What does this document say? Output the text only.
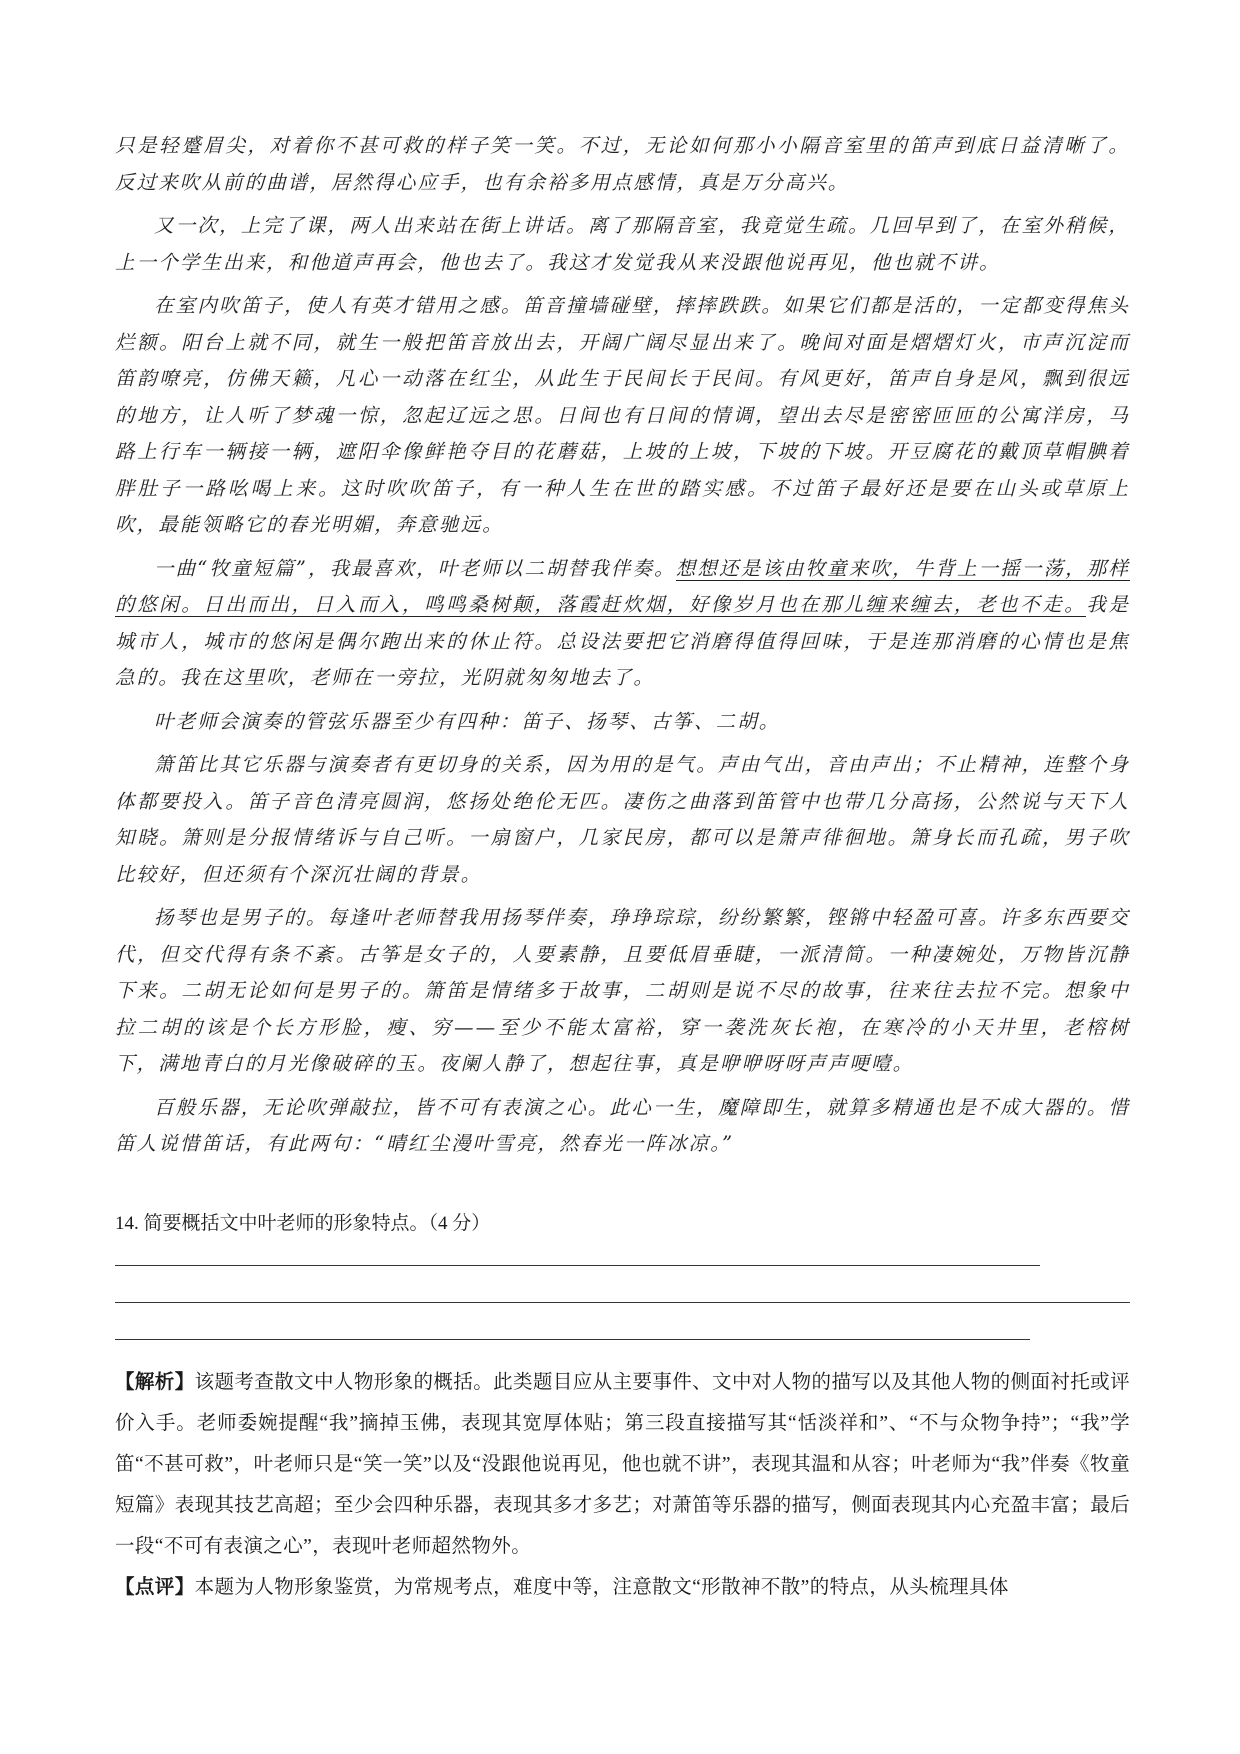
只是轻蹙眉尖，对着你不甚可救的样子笑一笑。不过，无论如何那小小隔音室里的笛声到底日益清晰了。反过来吹从前的曲谱，居然得心应手，也有余裕多用点感情，真是万分高兴。

又一次，上完了课，两人出来站在街上讲话。离了那隔音室，我竟觉生疏。几回早到了，在室外稍候，上一个学生出来，和他道声再会，他也去了。我这才发觉我从来没跟他说再见，他也就不讲。

在室内吹笛子，使人有英才错用之感。笛音撞墙碰壁，摔摔跌跌。如果它们都是活的，一定都变得焦头烂额。阳台上就不同，就生一般把笛音放出去，开阔广阔尽显出来了。晚间对面是熠熠灯火，市声沉淀而笛韵嘹亮，仿佛天籁，凡心一动落在红尘，从此生于民间长于民间。有风更好，笛声自身是风，飘到很远的地方，让人听了梦魂一惊，忽起辽远之思。日间也有日间的情调，望出去尽是密密匝匝的公寓洋房，马路上行车一辆接一辆，遮阳伞像鲜艳夺目的花蘑菇，上坡的上坡，下坡的下坡。开豆腐花的戴顶草帽腆着胖肚子一路吆喝上来。这时吹吹笛子，有一种人生在世的踏实感。不过笛子最好还是要在山头或草原上吹，最能领略它的春光明媚，奔意驰远。

一曲“牧童短篇”，我最喜欢，叶老师以二胡替我伴奏。想想还是该由牧童来吹，牛背上一摇一荡，那样的悠闲。日出而出，日入而入，鸣鸣桑树颠，落霞赶炊烟，好像岁月也在那儿缠来缠去，老也不走。我是城市人，城市的悠闲是偶尔跑出来的休止符。总设法要把它消磨得值得回味，于是连那消磨的心情也是焦急的。我在这里吹，老师在一旁拉，光阴就匆匆地去了。

叶老师会演奏的管弦乐器至少有四种：笛子、扬琴、古筝、二胡。

箫笛比其它乐器与演奏者有更切身的关系，因为用的是气。声由气出，音由声出；不止精神，连整个身体都要投入。笛子音色清亮圆润，悠扬处绝伦无匹。凄伤之曲落到笛管中也带几分高扬，公然说与天下人知晓。箫则是分报情绪诉与自己听。一扇窗户，几家民房，都可以是箫声徘徊地。箫身长而孔疏，男子吹比较好，但还须有个深沉壮阔的背景。

扬琴也是男子的。每逢叶老师替我用扬琴伴奏，琤琤琮琮，纷纷繁繁，铿锵中轻盈可喜。许多东西要交代，但交代得有条不紊。古筝是女子的，人要素静，且要低眉垂睫，一派清简。一种凄婉处，万物皆沉静下来。二胡无论如何是男子的。箫笛是情绪多于故事，二胡则是说不尽的故事，往来往去拉不完。想象中拉二胡的该是个长方形脸，瘦、穷——至少不能太富裕，穿一袭洗灰长袍，在寒冷的小天井里，老榕树下，满地青白的月光像破碎的玉。夜阑人静了，想起往事，真是咿咿呀呀声声哽噎。

百般乐器，无论吹弹敲拉，皆不可有表演之心。此心一生，魔障即生，就算多精通也是不成大器的。惜笛人说惜笛话，有此两句：“晴红尘漫叶雪亮，然春光一阵冰凉。”

14. 简要概括文中叶老师的形象特点。（4 分）

【解析】该题考查散文中人物形象的概括。此类题目应从主要事件、文中对人物的描写以及其他人物的侧面衬托或评价入手。老师委婉提醒“我”摘掉玉佛，表现其宽厚体贴；第三段直接描写其“恬淡祥和”、“不与众物争持”；“我”学笛“不甚可救”，叶老师只是“笑一笑”以及“没跟他说再见，他也就不讲”，表现其温和从容；叶老师为“我”伴奏《牧童短篇》表现其技艺高超；至少会四种乐器，表现其多才多艺；对萧笛等乐器的描写，侧面表现其内心充盈丰富；最后一段“不可有表演之心”，表现叶老师超然物外。

【点评】本题为人物形象鉴赏，为常规考点，难度中等，注意散文“形散神不散”的特点，从头梳理具体
